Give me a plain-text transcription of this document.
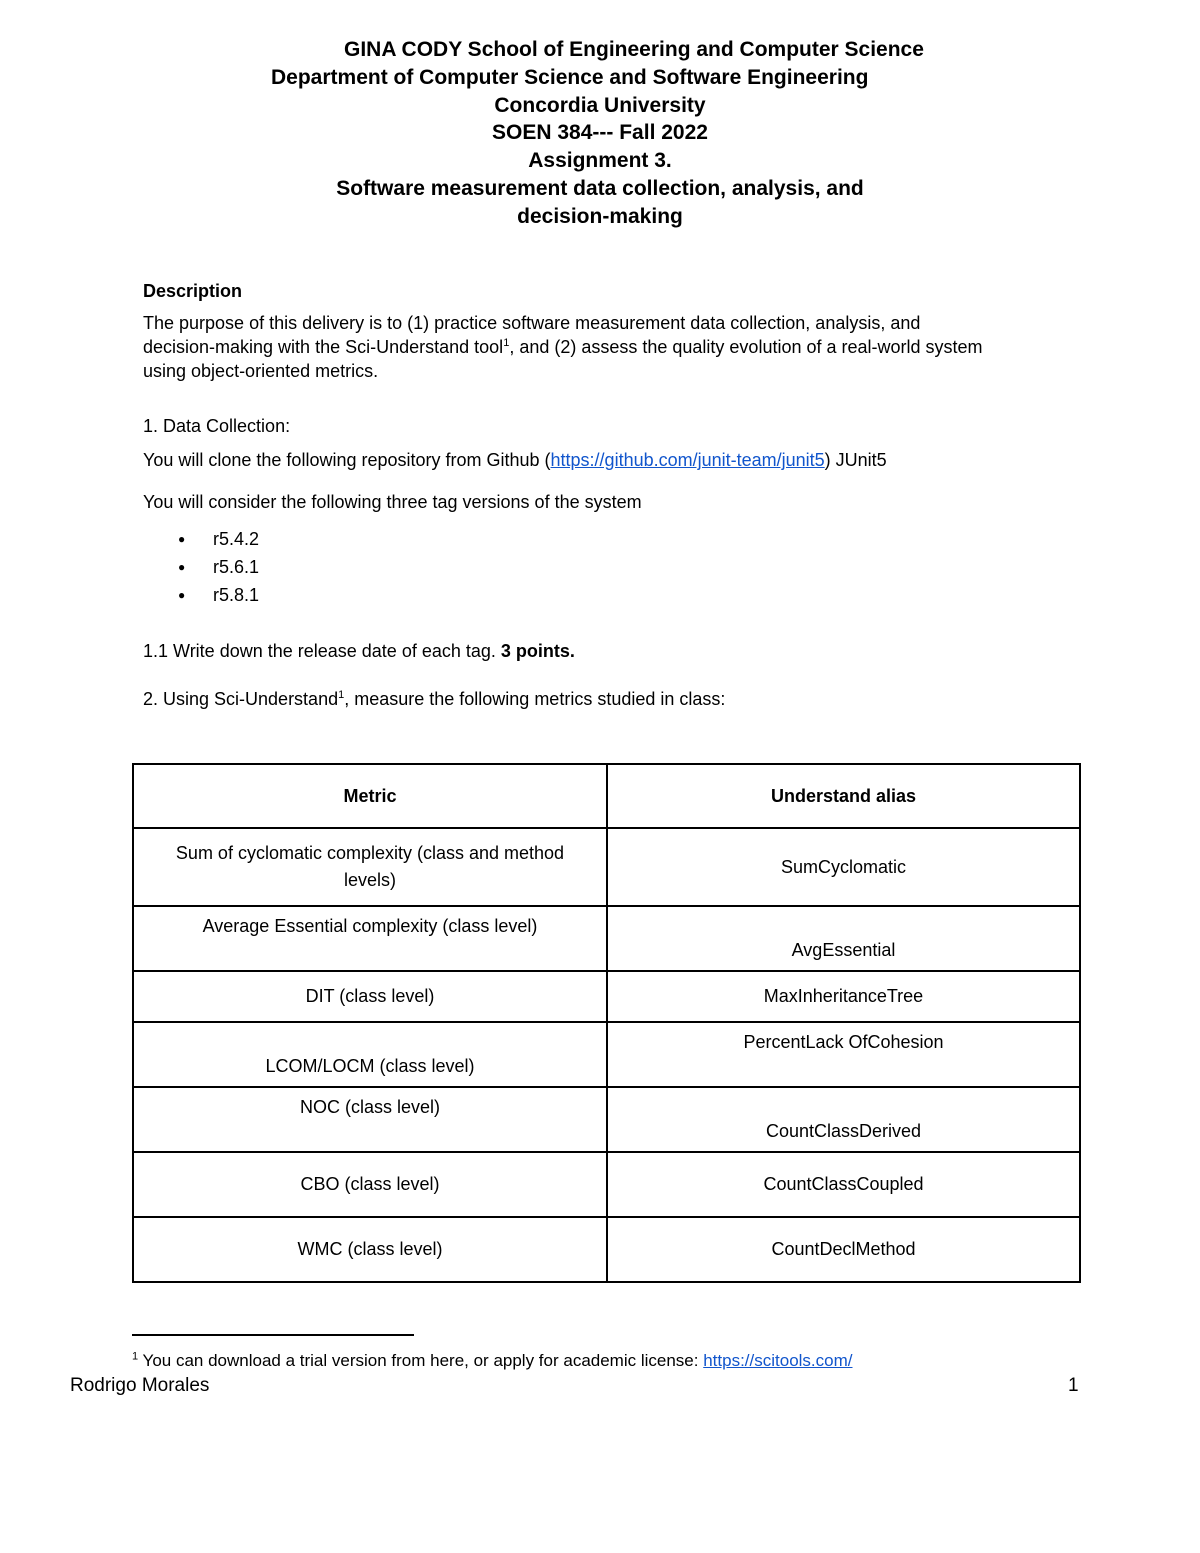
GINA CODY School of Engineering and Computer Science
Department of Computer Science and Software Engineering
Concordia University
SOEN 384--- Fall 2022
Assignment 3.
Software measurement data collection, analysis, and
decision-making
Description
The purpose of this delivery is to (1) practice software measurement data collection, analysis, and
decision-making with the Sci-Understand tool$^1$, and (2) assess the quality evolution of a real-world system
using object-oriented metrics.
1. Data Collection:
You will clone the following repository from Github (https://github.com/junit-team/junit5) JUnit5
You will consider the following three tag versions of the system
● r5.4.2
● r5.6.1
● r5.8.1
1.1 Write down the release date of each tag. 3 points.
2. Using Sci-Understand$^1$, measure the following metrics studied in class:
Metric	Understand alias
Sum of cyclomatic complexity (class and method levels)	SumCyclomatic
Average Essential complexity (class level)	AvgEssential
DIT (class level)	MaxInheritanceTree
LCOM/LOCM (class level)	PercentLack OfCohesion
NOC (class level)	CountClassDerived
CBO (class level)	CountClassCoupled
WMC (class level)	CountDeclMethod
$^1$ You can download a trial version from here, or apply for academic license: https://scitools.com/
Rodrigo Morales	1
